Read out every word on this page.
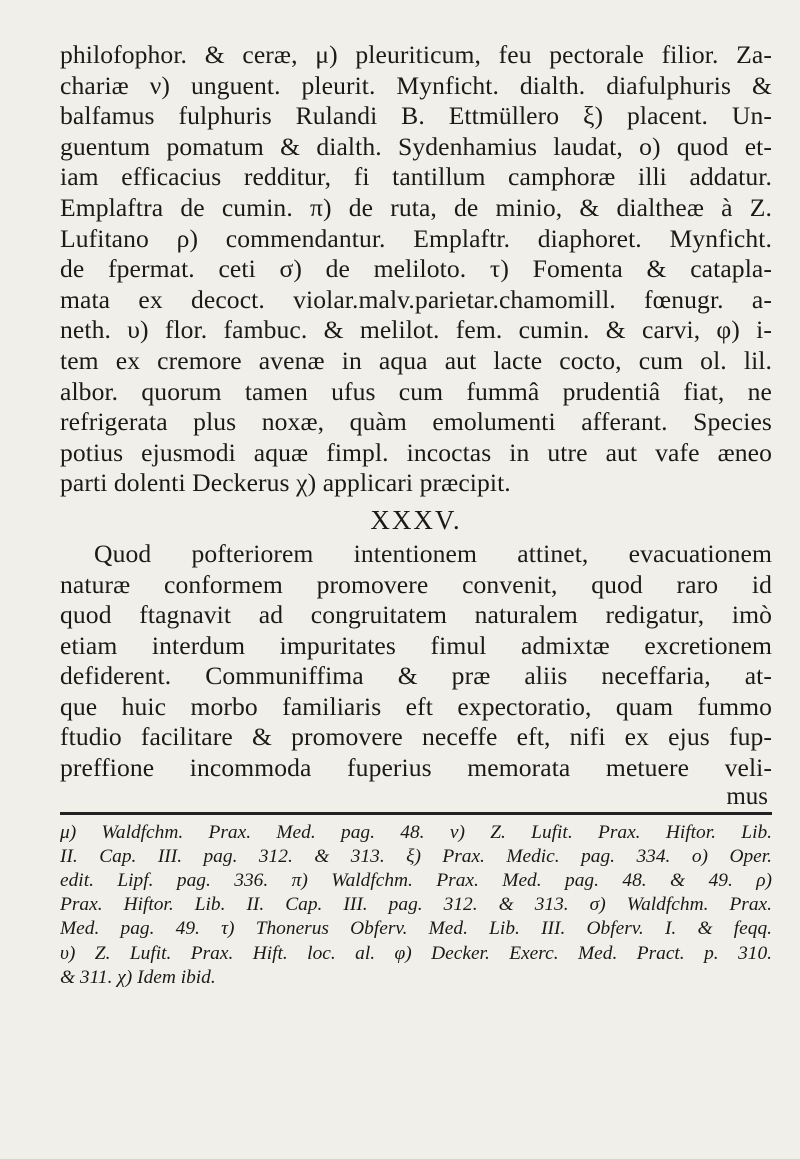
philofophor. & ceræ, μ) pleuriticum, feu pectorale filior. Za-
chariæ ν) unguent. pleurit. Mynficht. dialth. diafulphuris &
balfamus fulphuris Rulandi B. Ettmüllero ξ) placent. Un-
guentum pomatum & dialth. Sydenhamius laudat, ο) quod et-
iam efficacius redditur, fi tantillum camphoræ illi addatur.
Emplaftra de cumin. π) de ruta, de minio, & dialtheæ à Z.
Lufitano ρ) commendantur. Emplaftr. diaphoret. Mynficht.
de fpermat. ceti σ) de meliloto. τ) Fomenta & catapla-
mata ex decoct. violar.malv.parietar.chamomill. fœnugr. a-
neth. υ) flor. fambuc. & melilot. fem. cumin. & carvi, φ) i-
tem ex cremore avenæ in aqua aut lacte cocto, cum ol. lil.
albor. quorum tamen ufus cum fummâ prudentiâ fiat, ne
refrigerata plus noxæ, quàm emolumenti afferant. Species
potius ejusmodi aquæ fimpl. incoctas in utre aut vafe æneo
parti dolenti Deckerus χ) applicari præcipit.
XXXV.
Quod pofteriorem intentionem attinet, evacuationem
naturæ conformem promovere convenit, quod raro id
quod ftagnavit ad congruitatem naturalem redigatur, imò
etiam interdum impuritates fimul admixtæ excretionem
defiderent. Communiffima & præ aliis neceffaria, at-
que huic morbo familiaris eft expectoratio, quam fummo
ftudio facilitare & promovere neceffe eft, nifi ex ejus fup-
preffione incommoda fuperius memorata metuere veli-
mus
μ) Waldfchm. Prax. Med. pag. 48. ν) Z. Lufit. Prax. Hiftor. Lib.
II. Cap. III. pag. 312. & 313. ξ) Prax. Medic. pag. 334. ο) Oper.
edit. Lipf. pag. 336. π) Waldfchm. Prax. Med. pag. 48. & 49. ρ)
Prax. Hiftor. Lib. II. Cap. III. pag. 312. & 313. σ) Waldfchm. Prax.
Med. pag. 49. τ) Thonerus Obferv. Med. Lib. III. Obferv. I. & feqq.
υ) Z. Lufit. Prax. Hift. loc. al. φ) Decker. Exerc. Med. Pract. p. 310.
& 311. χ) Idem ibid.
